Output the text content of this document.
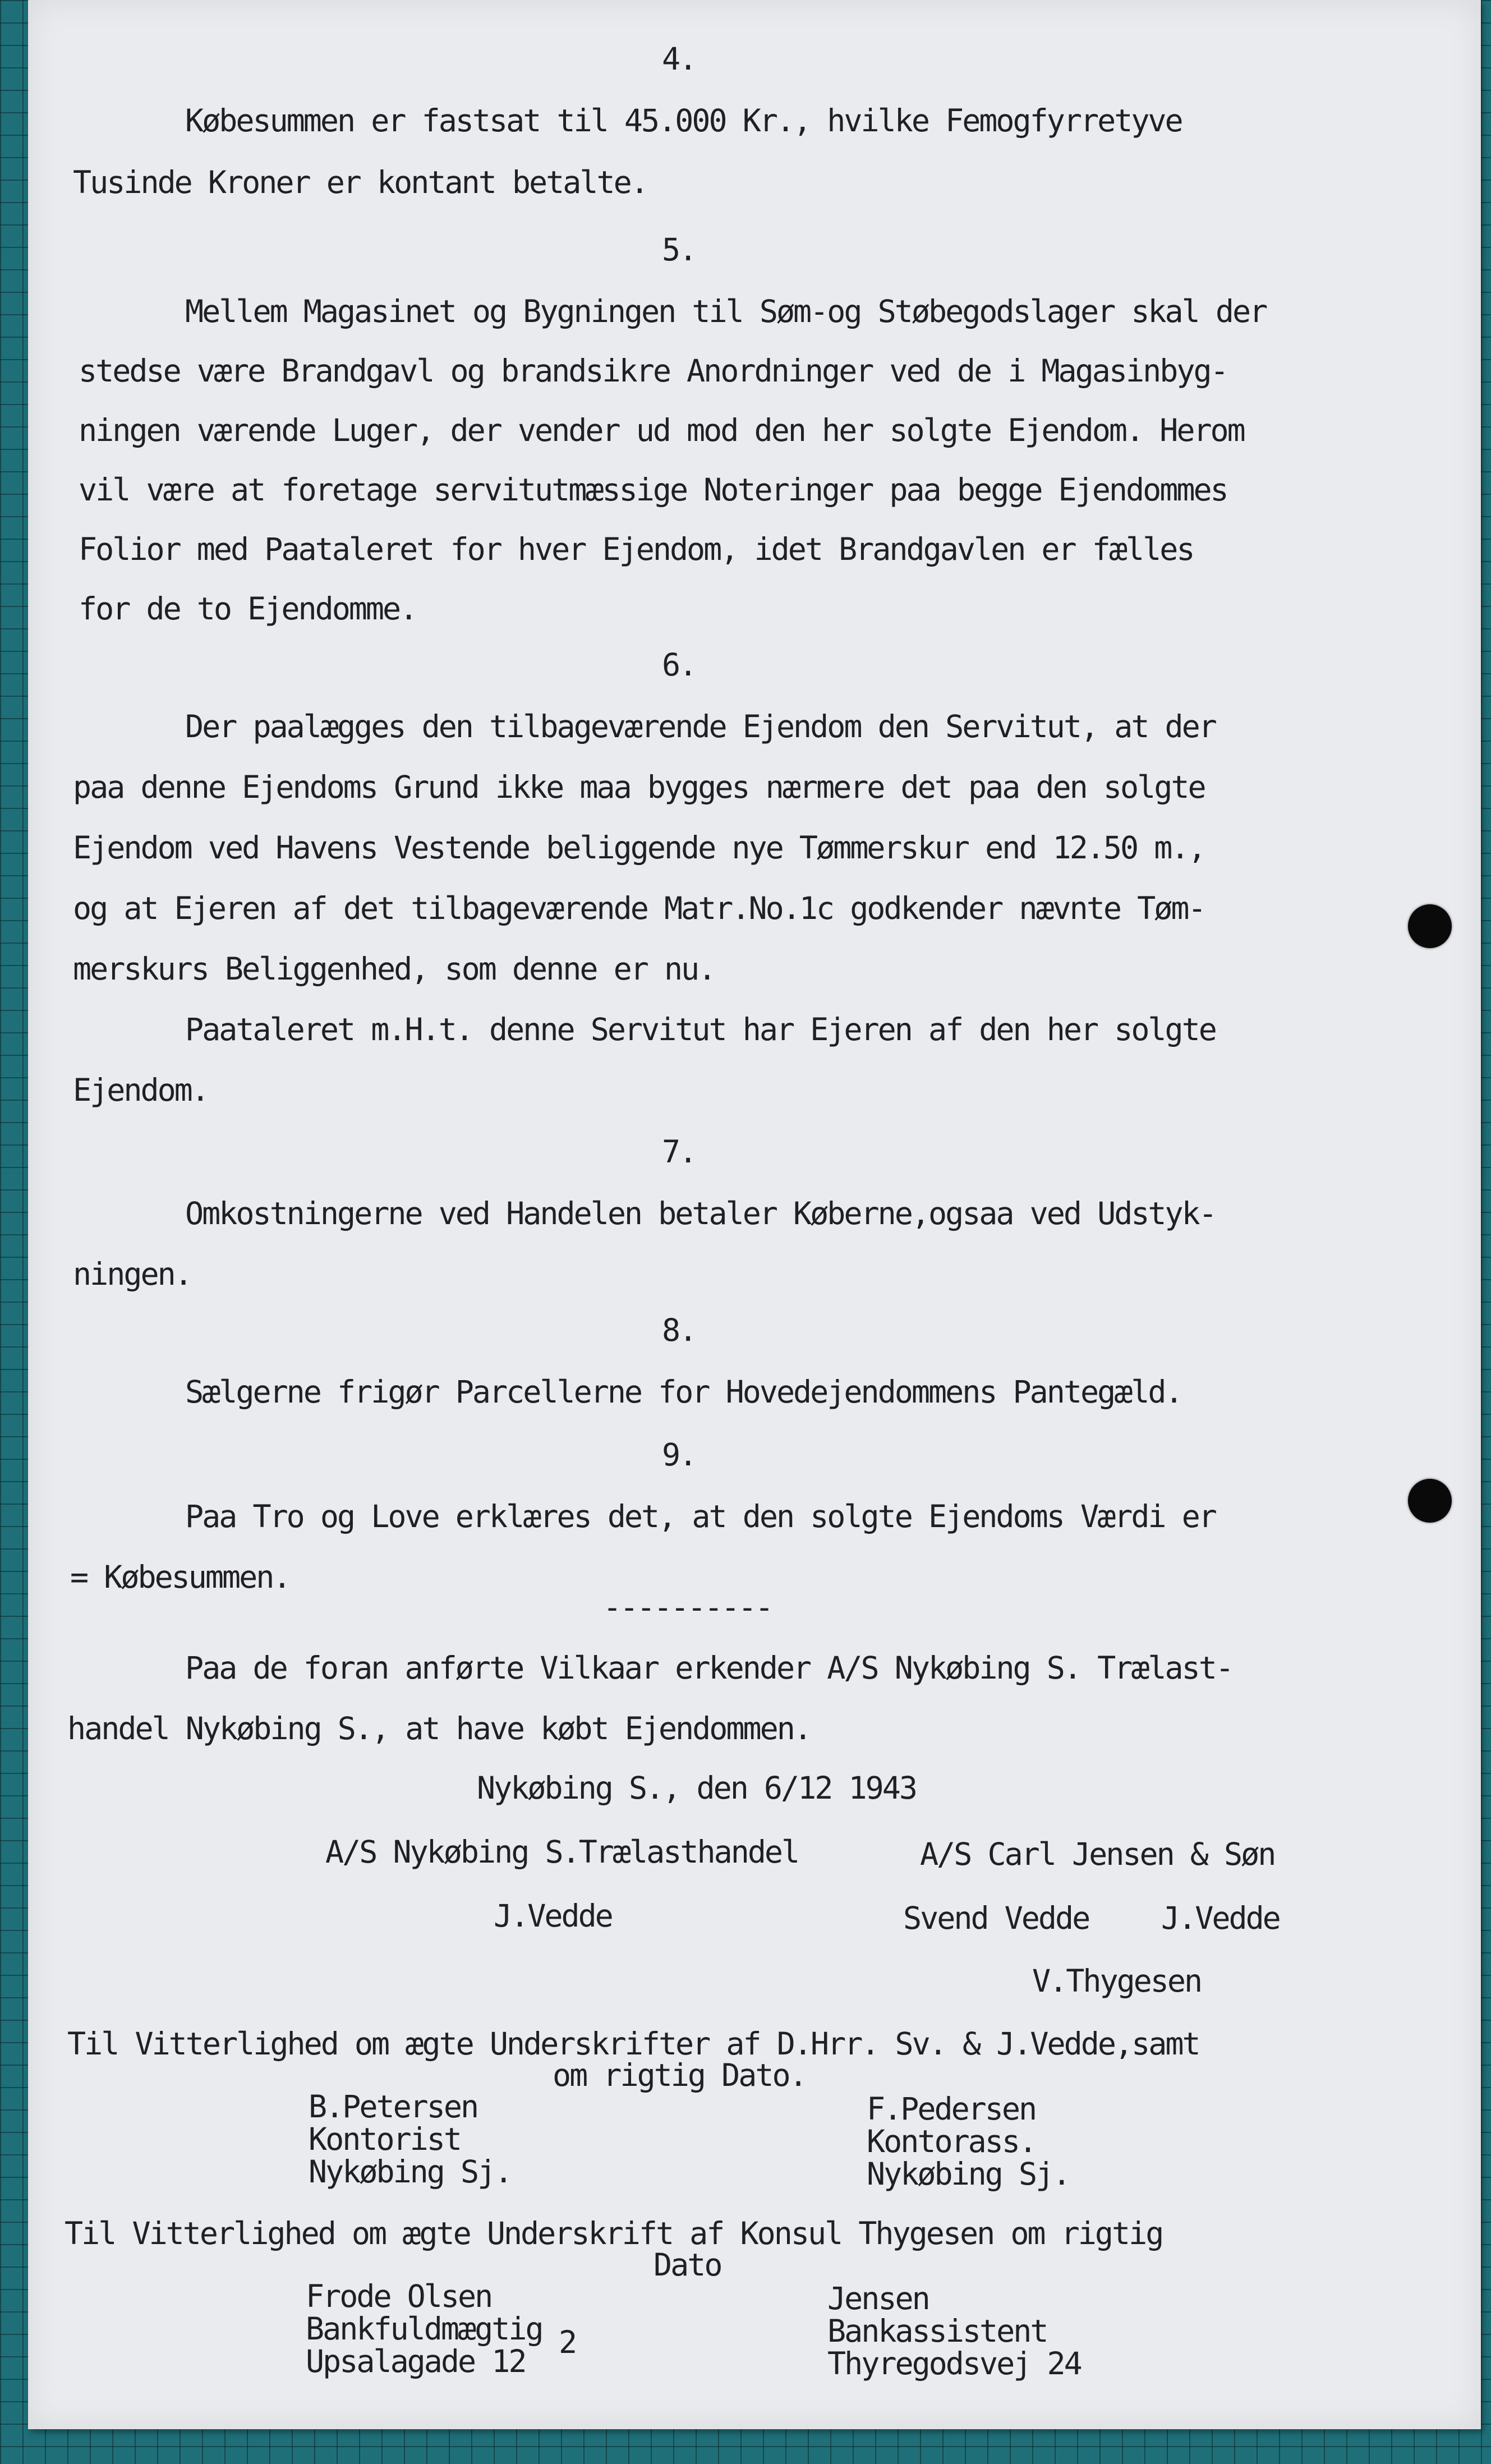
4.

Købesummen er fastsat til 45.000 Kr., hvilke Femogfyrretyve

Tusinde Kroner er kontant betalte.

5.

Mellem Magasinet og Bygningen til Søm-og Støbegodslager skal der

stedse være Brandgavl og brandsikre Anordninger ved de i Magasinbyg-

ningen værende Luger, der vender ud mod den her solgte Ejendom. Herom

vil være at foretage servitutmæssige Noteringer paa begge Ejendommes

Folior med Paataleret for hver Ejendom, idet Brandgavlen er fælles

for de to Ejendomme.

6.

Der paalægges den tilbageværende Ejendom den Servitut, at der

paa denne Ejendoms Grund ikke maa bygges nærmere det paa den solgte

Ejendom ved Havens Vestende beliggende nye Tømmerskur end 12.50 m.,

og at Ejeren af det tilbageværende Matr.No.1c godkender nævnte Tøm-

merskurs Beliggenhed, som denne er nu.

Paataleret m.H.t. denne Servitut har Ejeren af den her solgte

Ejendom.

7.

Omkostningerne ved Handelen betaler Køberne,ogsaa ved Udstyk-

ningen.

8.

Sælgerne frigør Parcellerne for Hovedejendommens Pantegæld.

9.

Paa Tro og Love erklæres det, at den solgte Ejendoms Værdi er

= Købesummen.

----------

Paa de foran anførte Vilkaar erkender A/S Nykøbing S. Trælast-

handel Nykøbing S., at have købt Ejendommen.

Nykøbing S., den 6/12 1943

A/S Nykøbing S.Trælasthandel	A/S Carl Jensen & Søn

J.Vedde	Svend Vedde J.Vedde

V.Thygesen

Til Vitterlighed om ægte Underskrifter af D.Hrr. Sv. & J.Vedde,samt

om rigtig Dato.

B.Petersen

Kontorist

Nykøbing Sj.

F.Pedersen

Kontorass.

Nykøbing Sj.

Til Vitterlighed om ægte Underskrift af Konsul Thygesen om rigtig

Dato

Frode Olsen

Bankfuldmægtig

Upsalagade 12

Jensen

Bankassistent

Thyregodsvej 24

2
